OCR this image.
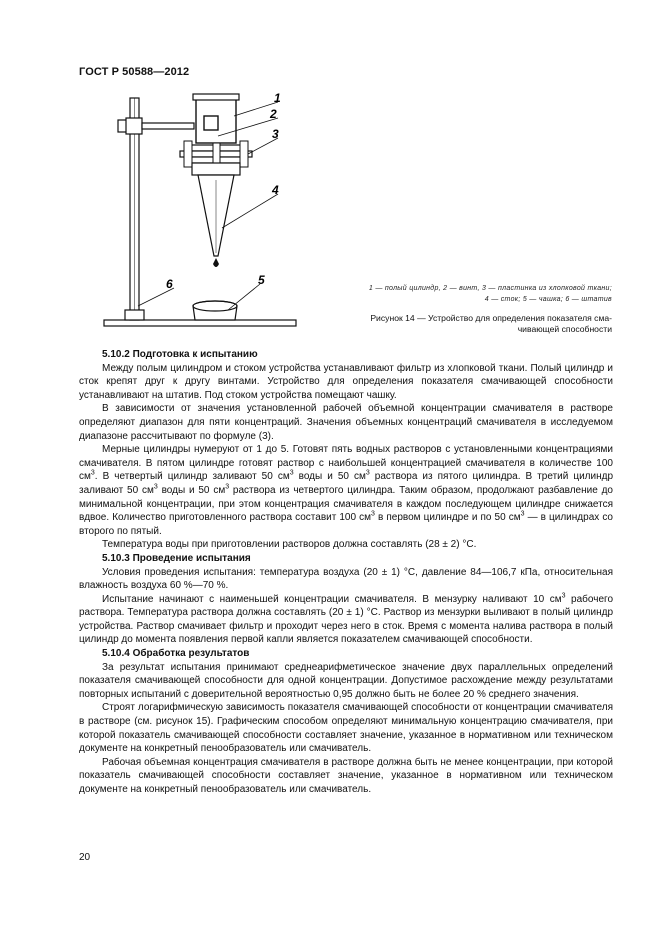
ГОСТ Р 50588—2012
1
2
3
4
5
6	1 — полый цилиндр, 2 — винт, 3 — пластинка из хлопковой ткани;
4 — сток; 5 — чашка; 6 — штатив
Рисунок 14 — Устройство для определения показателя сма-
чивающей способности
5.10.2 Подготовка к испытанию

Между полым цилиндром и стоком устройства устанавливают фильтр из хлопковой ткани. Полый цилиндр и сток крепят друг к другу винтами. Устройство для определения показателя смачивающей способности устанавливают на штатив. Под стоком устройства помещают чашку.

В зависимости от значения установленной рабочей объемной концентрации смачивателя в растворе определяют диапазон для пяти концентраций. Значения объемных концентраций смачивателя в исследуемом диапазоне рассчитывают по формуле (3).

Мерные цилиндры нумеруют от 1 до 5. Готовят пять водных растворов с установленными концентрациями смачивателя. В пятом цилиндре готовят раствор с наибольшей концентрацией смачивателя в количестве 100 $см^3$. В четвертый цилиндр заливают 50 $см^3$ воды и 50 $см^3$ раствора из пятого цилиндра. В третий цилиндр заливают 50 $см^3$ воды и 50 $см^3$ раствора из четвертого цилиндра. Таким образом, продолжают разбавление до минимальной концентрации, при этом концентрация смачивателя в каждом последующем цилиндре снижается вдвое. Количество приготовленного раствора составит 100 $см^3$ в первом цилиндре и по 50 $см^3$ — в цилиндрах со второго по пятый.

Температура воды при приготовлении растворов должна составлять (28 ± 2) °С.

5.10.3 Проведение испытания

Условия проведения испытания: температура воздуха (20 ± 1) °С, давление 84—106,7 кПа, относительная влажность воздуха 60 %—70 %.

Испытание начинают с наименьшей концентрации смачивателя. В мензурку наливают 10 $см^3$ рабочего раствора. Температура раствора должна составлять (20 ± 1) °С. Раствор из мензурки выливают в полый цилиндр устройства. Раствор смачивает фильтр и проходит через него в сток. Время с момента налива раствора в полый цилиндр до момента появления первой капли является показателем смачивающей способности.

5.10.4 Обработка результатов

За результат испытания принимают среднеарифметическое значение двух параллельных определений показателя смачивающей способности для одной концентрации. Допустимое расхождение между результатами повторных испытаний с доверительной вероятностью 0,95 должно быть не более 20 % среднего значения.

Строят логарифмическую зависимость показателя смачивающей способности от концентрации смачивателя в растворе (см. рисунок 15). Графическим способом определяют минимальную концентрацию смачивателя, при которой показатель смачивающей способности составляет значение, указанное в нормативном или техническом документе на конкретный пенообразователь или смачиватель.

Рабочая объемная концентрация смачивателя в растворе должна быть не менее концентрации, при которой показатель смачивающей способности составляет значение, указанное в нормативном или техническом документе на конкретный пенообразователь или смачиватель.

20
